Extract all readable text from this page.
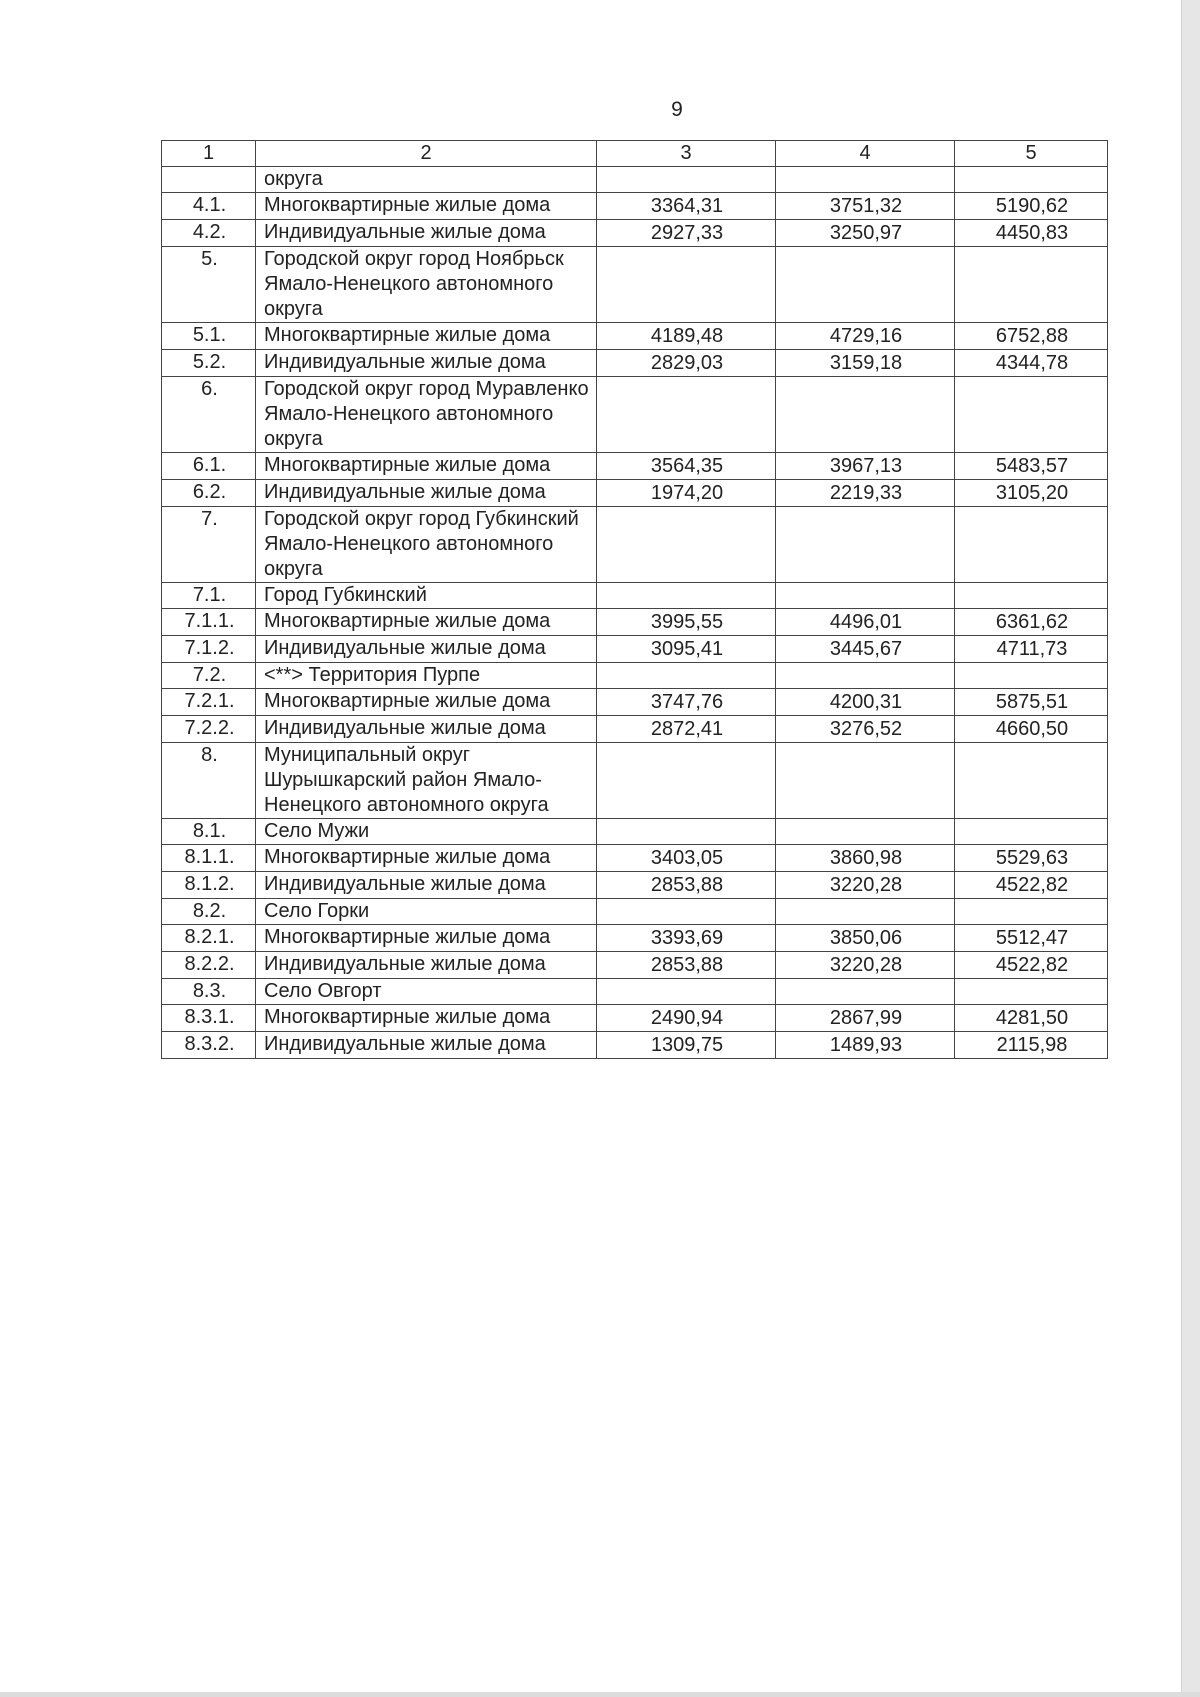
9
1	2	3	4	5
	округа			
4.1.	Многоквартирные жилые дома	3364,31	3751,32	5190,62
4.2.	Индивидуальные жилые дома	2927,33	3250,97	4450,83
5.	Городской округ город Ноябрьск Ямало-Ненецкого автономного округа			
5.1.	Многоквартирные жилые дома	4189,48	4729,16	6752,88
5.2.	Индивидуальные жилые дома	2829,03	3159,18	4344,78
6.	Городской округ город Муравленко Ямало-Ненецкого автономного округа			
6.1.	Многоквартирные жилые дома	3564,35	3967,13	5483,57
6.2.	Индивидуальные жилые дома	1974,20	2219,33	3105,20
7.	Городской округ город Губкинский Ямало-Ненецкого автономного округа			
7.1.	Город Губкинский			
7.1.1.	Многоквартирные жилые дома	3995,55	4496,01	6361,62
7.1.2.	Индивидуальные жилые дома	3095,41	3445,67	4711,73
7.2.	<**> Территория Пурпе			
7.2.1.	Многоквартирные жилые дома	3747,76	4200,31	5875,51
7.2.2.	Индивидуальные жилые дома	2872,41	3276,52	4660,50
8.	Муниципальный округ Шурышкарский район Ямало-Ненецкого автономного округа			
8.1.	Село Мужи			
8.1.1.	Многоквартирные жилые дома	3403,05	3860,98	5529,63
8.1.2.	Индивидуальные жилые дома	2853,88	3220,28	4522,82
8.2.	Село Горки			
8.2.1.	Многоквартирные жилые дома	3393,69	3850,06	5512,47
8.2.2.	Индивидуальные жилые дома	2853,88	3220,28	4522,82
8.3.	Село Овгорт			
8.3.1.	Многоквартирные жилые дома	2490,94	2867,99	4281,50
8.3.2.	Индивидуальные жилые дома	1309,75	1489,93	2115,98
